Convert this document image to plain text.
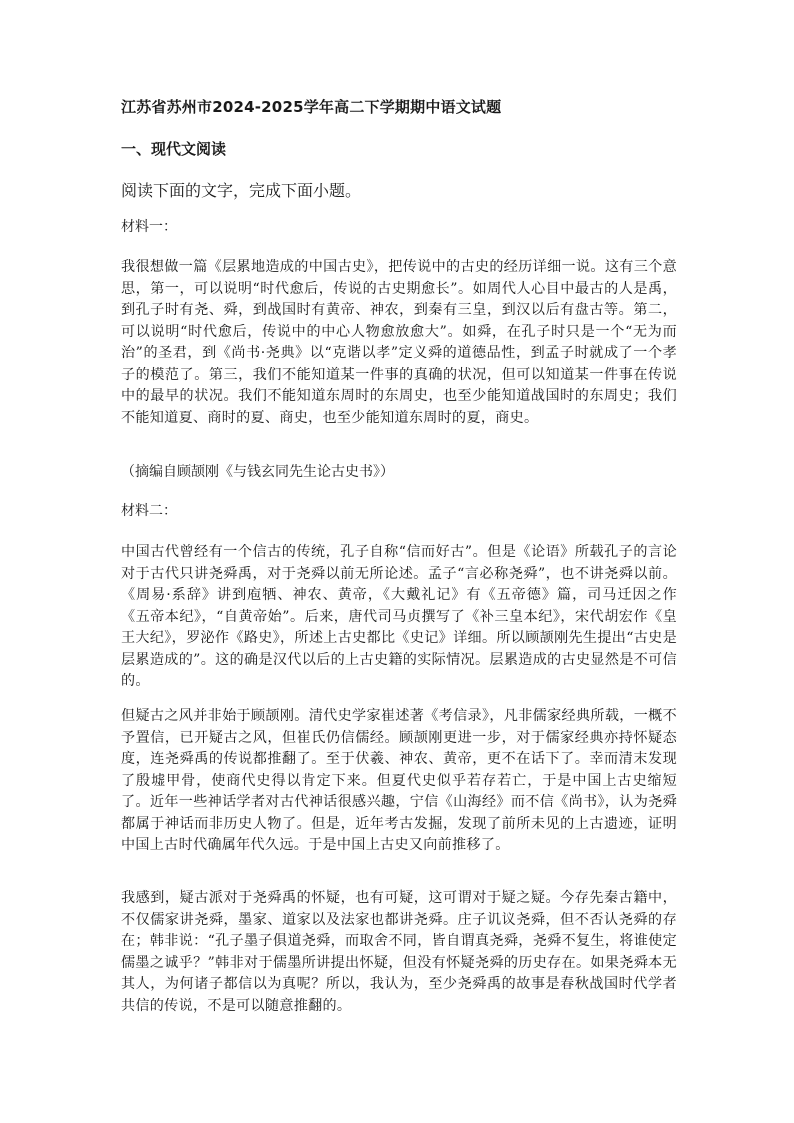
江苏省苏州市2024-2025学年高二下学期期中语文试题
一、现代文阅读
阅读下面的文字，完成下面小题。
材料一：
我很想做一篇《层累地造成的中国古史》，把传说中的古史的经历详细一说。这有三个意思，第一，可以说明“时代愈后，传说的古史期愈长”。如周代人心目中最古的人是禹，到孔子时有尧、舜，到战国时有黄帝、神农，到秦有三皇，到汉以后有盘古等。第二，可以说明“时代愈后，传说中的中心人物愈放愈大”。如舜，在孔子时只是一个“无为而治”的圣君，到《尚书·尧典》以“克谐以孝”定义舜的道德品性，到孟子时就成了一个孝子的模范了。第三，我们不能知道某一件事的真确的状况，但可以知道某一件事在传说中的最早的状况。我们不能知道东周时的东周史，也至少能知道战国时的东周史；我们不能知道夏、商时的夏、商史，也至少能知道东周时的夏，商史。
（摘编自顾颉刚《与钱玄同先生论古史书》）
材料二：
中国古代曾经有一个信古的传统，孔子自称“信而好古”。但是《论语》所载孔子的言论对于古代只讲尧舜禹，对于尧舜以前无所论述。孟子“言必称尧舜”，也不讲尧舜以前。《周易·系辞》讲到庖牺、神农、黄帝，《大戴礼记》有《五帝德》篇，司马迁因之作《五帝本纪》，“自黄帝始”。后来，唐代司马贞撰写了《补三皇本纪》，宋代胡宏作《皇王大纪》，罗泌作《路史》，所述上古史都比《史记》详细。所以顾颉刚先生提出“古史是层累造成的”。这的确是汉代以后的上古史籍的实际情况。层累造成的古史显然是不可信的。
但疑古之风并非始于顾颉刚。清代史学家崔述著《考信录》，凡非儒家经典所载，一概不予置信，已开疑古之风，但崔氏仍信儒经。顾颉刚更进一步，对于儒家经典亦持怀疑态度，连尧舜禹的传说都推翻了。至于伏羲、神农、黄帝，更不在话下了。幸而清末发现了殷墟甲骨，使商代史得以肯定下来。但夏代史似乎若存若亡，于是中国上古史缩短了。近年一些神话学者对古代神话很感兴趣，宁信《山海经》而不信《尚书》，认为尧舜都属于神话而非历史人物了。但是，近年考古发掘，发现了前所未见的上古遗迹，证明中国上古时代确属年代久远。于是中国上古史又向前推移了。
我感到，疑古派对于尧舜禹的怀疑，也有可疑，这可谓对于疑之疑。今存先秦古籍中，不仅儒家讲尧舜，墨家、道家以及法家也都讲尧舜。庄子讥议尧舜，但不否认尧舜的存在；韩非说：“孔子墨子俱道尧舜，而取舍不同，皆自谓真尧舜，尧舜不复生，将谁使定儒墨之诚乎？”韩非对于儒墨所讲提出怀疑，但没有怀疑尧舜的历史存在。如果尧舜本无其人，为何诸子都信以为真呢？所以，我认为，至少尧舜禹的故事是春秋战国时代学者共信的传说，不是可以随意推翻的。
